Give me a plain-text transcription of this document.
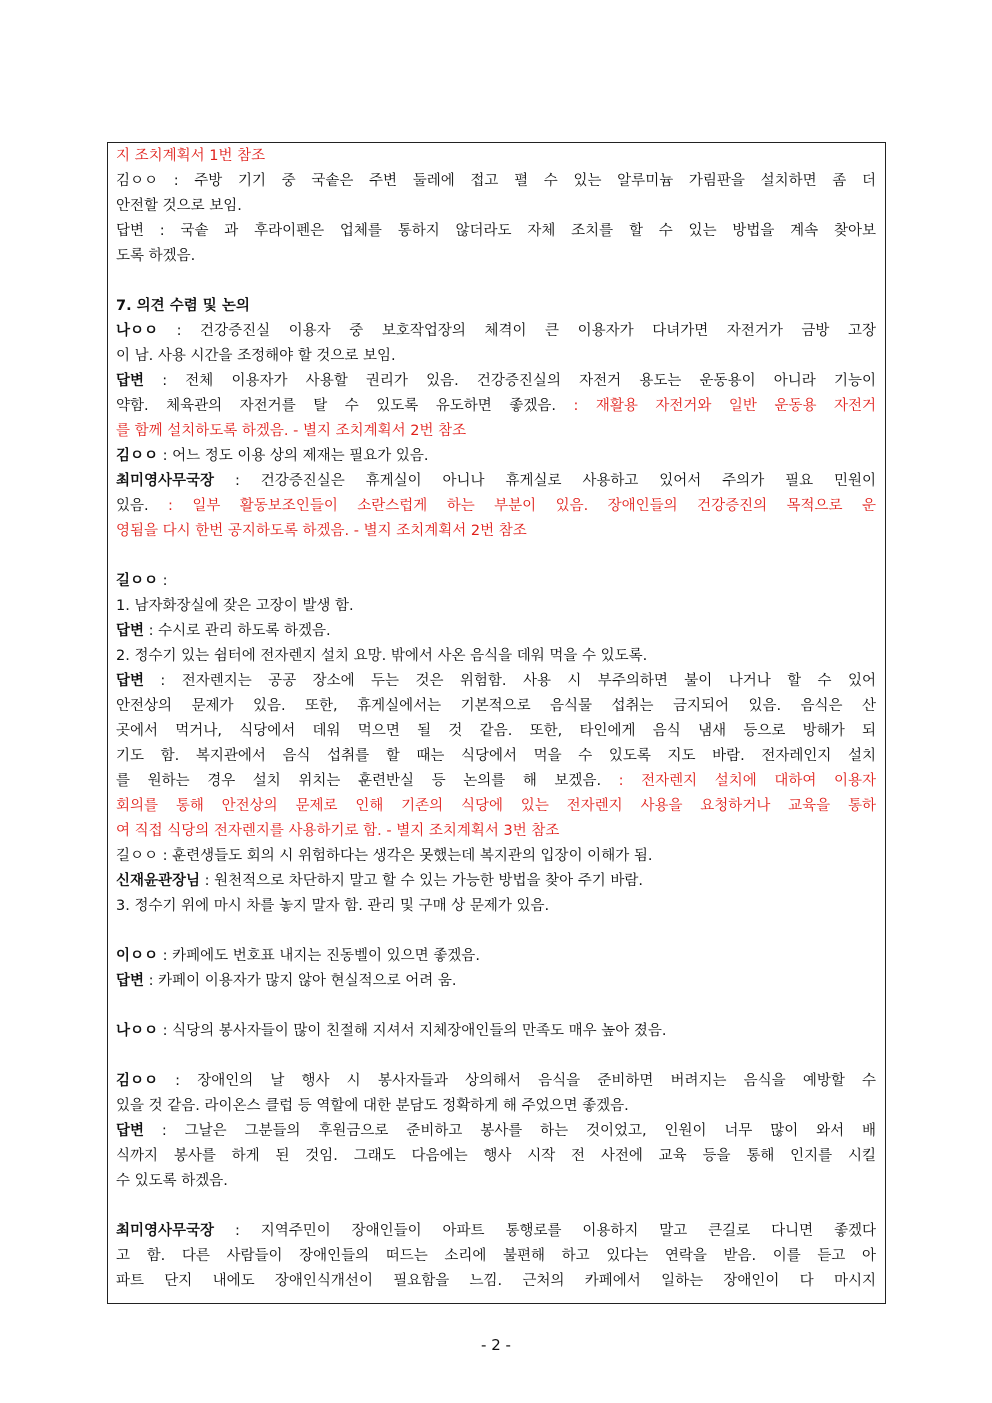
지 조치계획서 1번 참조
김ㅇㅇ : 주방 기기 중 국솥은 주변 둘레에 접고 펼 수 있는 알루미늄 가림판을 설치하면 좀 더
안전할 것으로 보임.
답변 : 국솥 과 후라이펜은 업체를 통하지 않더라도 자체 조치를 할 수 있는 방법을 계속 찾아보
도록 하겠음.
7. 의견 수렴 및 논의
나ㅇㅇ : 건강증진실 이용자 중 보호작업장의 체격이 큰 이용자가 다녀가면 자전거가 금방 고장
이 남. 사용 시간을 조정해야 할 것으로 보임.
답변 : 전체 이용자가 사용할 권리가 있음. 건강증진실의 자전거 용도는 운동용이 아니라 기능이
약함. 체육관의 자전거를 탈 수 있도록 유도하면 좋겠음. : 재활용 자전거와 일반 운동용 자전거
를 함께 설치하도록 하겠음. - 별지 조치계획서 2번 참조
김ㅇㅇ : 어느 정도 이용 상의 제재는 필요가 있음.
최미영사무국장 : 건강증진실은 휴게실이 아니나 휴게실로 사용하고 있어서 주의가 필요 민원이
있음. : 일부 활동보조인들이 소란스럽게 하는 부분이 있음. 장애인들의 건강증진의 목적으로 운
영됨을 다시 한번 공지하도록 하겠음. - 별지 조치계획서 2번 참조
길ㅇㅇ :
1. 남자화장실에 잦은 고장이 발생 함.
답변 : 수시로 관리 하도록 하겠음.
2. 정수기 있는 쉼터에 전자렌지 설치 요망. 밖에서 사온 음식을 데워 먹을 수 있도록.
답변 : 전자렌지는 공공 장소에 두는 것은 위험함. 사용 시 부주의하면 불이 나거나 할 수 있어
안전상의 문제가 있음. 또한, 휴게실에서는 기본적으로 음식물 섭취는 금지되어 있음. 음식은 산
곳에서 먹거나, 식당에서 데워 먹으면 될 것 같음. 또한, 타인에게 음식 냄새 등으로 방해가 되
기도 함. 복지관에서 음식 섭취를 할 때는 식당에서 먹을 수 있도록 지도 바람. 전자레인지 설치
를 원하는 경우 설치 위치는 훈련반실 등 논의를 해 보겠음. : 전자렌지 설치에 대하여 이용자
회의를 통해 안전상의 문제로 인해 기존의 식당에 있는 전자렌지 사용을 요청하거나 교육을 통하
여 직접 식당의 전자렌지를 사용하기로 함. - 별지 조치계획서 3번 참조
길ㅇㅇ : 훈련생들도 회의 시 위험하다는 생각은 못했는데 복지관의 입장이 이해가 됨.
신재윤관장님 : 원천적으로 차단하지 말고 할 수 있는 가능한 방법을 찾아 주기 바람.
3. 정수기 위에 마시 차를 놓지 말자 함. 관리 및 구매 상 문제가 있음.
이ㅇㅇ : 카페에도 번호표 내지는 진동벨이 있으면 좋겠음.
답변 : 카페이 이용자가 많지 않아 현실적으로 어려 움.
나ㅇㅇ : 식당의 봉사자들이 많이 친절해 지셔서 지체장애인들의 만족도 매우 높아 졌음.
김ㅇㅇ : 장애인의 날 행사 시 봉사자들과 상의해서 음식을 준비하면 버려지는 음식을 예방할 수
있을 것 같음. 라이온스 클럽 등 역할에 대한 분담도 정확하게 해 주었으면 좋겠음.
답변 : 그날은 그분들의 후원금으로 준비하고 봉사를 하는 것이었고, 인원이 너무 많이 와서 배
식까지 봉사를 하게 된 것임. 그래도 다음에는 행사 시작 전 사전에 교육 등을 통해 인지를 시킬
수 있도록 하겠음.
최미영사무국장 : 지역주민이 장애인들이 아파트 통행로를 이용하지 말고 큰길로 다니면 좋겠다
고 함. 다른 사람들이 장애인들의 떠드는 소리에 불편해 하고 있다는 연락을 받음. 이를 듣고 아
파트 단지 내에도 장애인식개선이 필요함을 느낌. 근처의 카페에서 일하는 장애인이 다 마시지
- 2 -
